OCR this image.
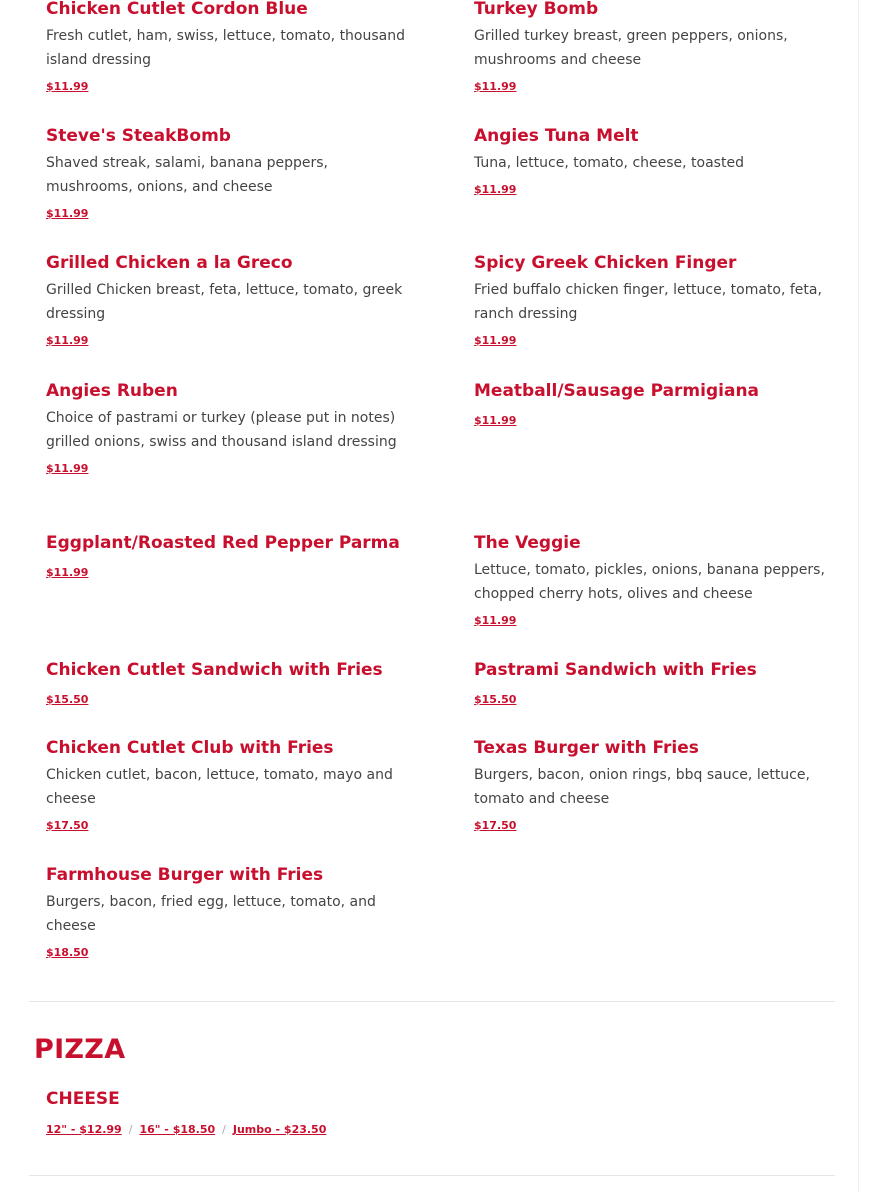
Chicken Cutlet Cordon Blue
Fresh cutlet, ham, swiss, lettuce, tomato, thousand island dressing
$11.99
Turkey Bomb
Grilled turkey breast, green peppers, onions, mushrooms and cheese
$11.99
Steve's SteakBomb
Shaved streak, salami, banana peppers, mushrooms, onions, and cheese
$11.99
Angies Tuna Melt
Tuna, lettuce, tomato, cheese, toasted
$11.99
Grilled Chicken a la Greco
Grilled Chicken breast, feta, lettuce, tomato, greek dressing
$11.99
Spicy Greek Chicken Finger
Fried buffalo chicken finger, lettuce, tomato, feta, ranch dressing
$11.99
Angies Ruben
Choice of pastrami or turkey (please put in notes) grilled onions, swiss and thousand island dressing
$11.99
Meatball/Sausage Parmigiana
$11.99
Eggplant/Roasted Red Pepper Parma
$11.99
The Veggie
Lettuce, tomato, pickles, onions, banana peppers, chopped cherry hots, olives and cheese
$11.99
Chicken Cutlet Sandwich with Fries
$15.50
Pastrami Sandwich with Fries
$15.50
Chicken Cutlet Club with Fries
Chicken cutlet, bacon, lettuce, tomato, mayo and cheese
$17.50
Texas Burger with Fries
Burgers, bacon, onion rings, bbq sauce, lettuce, tomato and cheese
$17.50
Farmhouse Burger with Fries
Burgers, bacon, fried egg, lettuce, tomato, and cheese
$18.50
PIZZA
CHEESE
12" - $12.99 / 16" - $18.50 / Jumbo - $23.50
